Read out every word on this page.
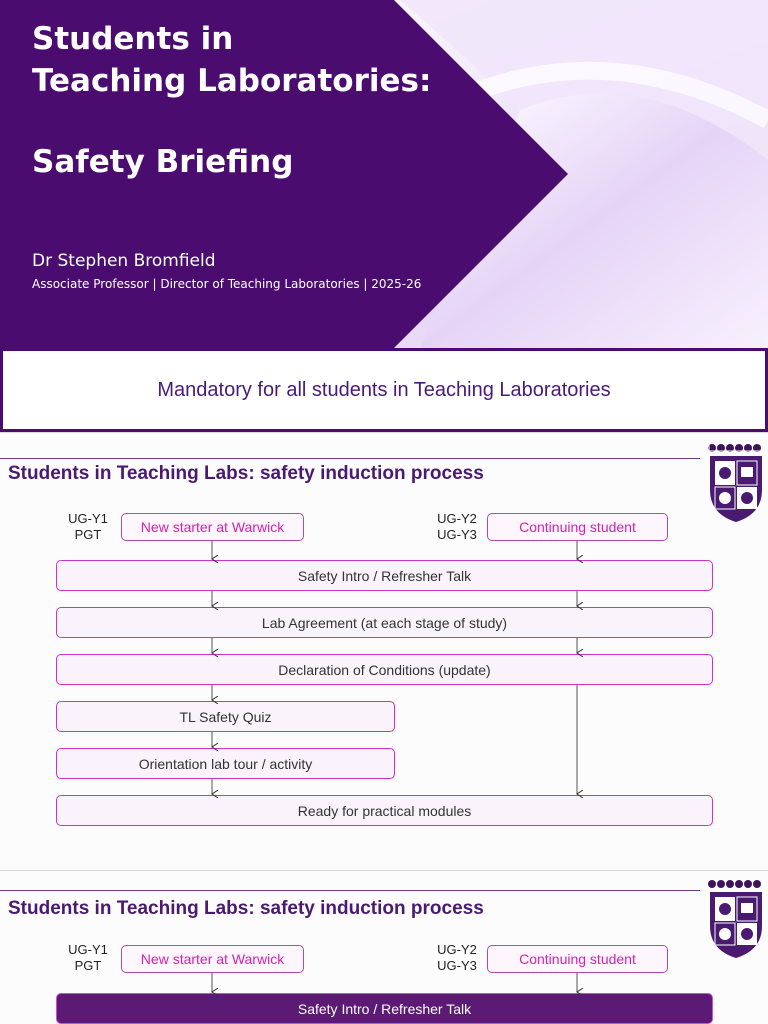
Students in
Teaching Laboratories:
Safety Briefing
Dr Stephen Bromfield
Associate Professor | Director of Teaching Laboratories | 2025-26
Mandatory for all students in Teaching Laboratories
Students in Teaching Labs: safety induction process
UG-Y1
PGT
UG-Y2
UG-Y3
New starter at Warwick	Continuing student
Safety Intro / Refresher Talk
Lab Agreement (at each stage of study)
Declaration of Conditions (update)
TL Safety Quiz
Orientation lab tour / activity
Ready for practical modules
Students in Teaching Labs: safety induction process
UG-Y1
PGT
UG-Y2
UG-Y3
New starter at Warwick	Continuing student
Safety Intro / Refresher Talk
